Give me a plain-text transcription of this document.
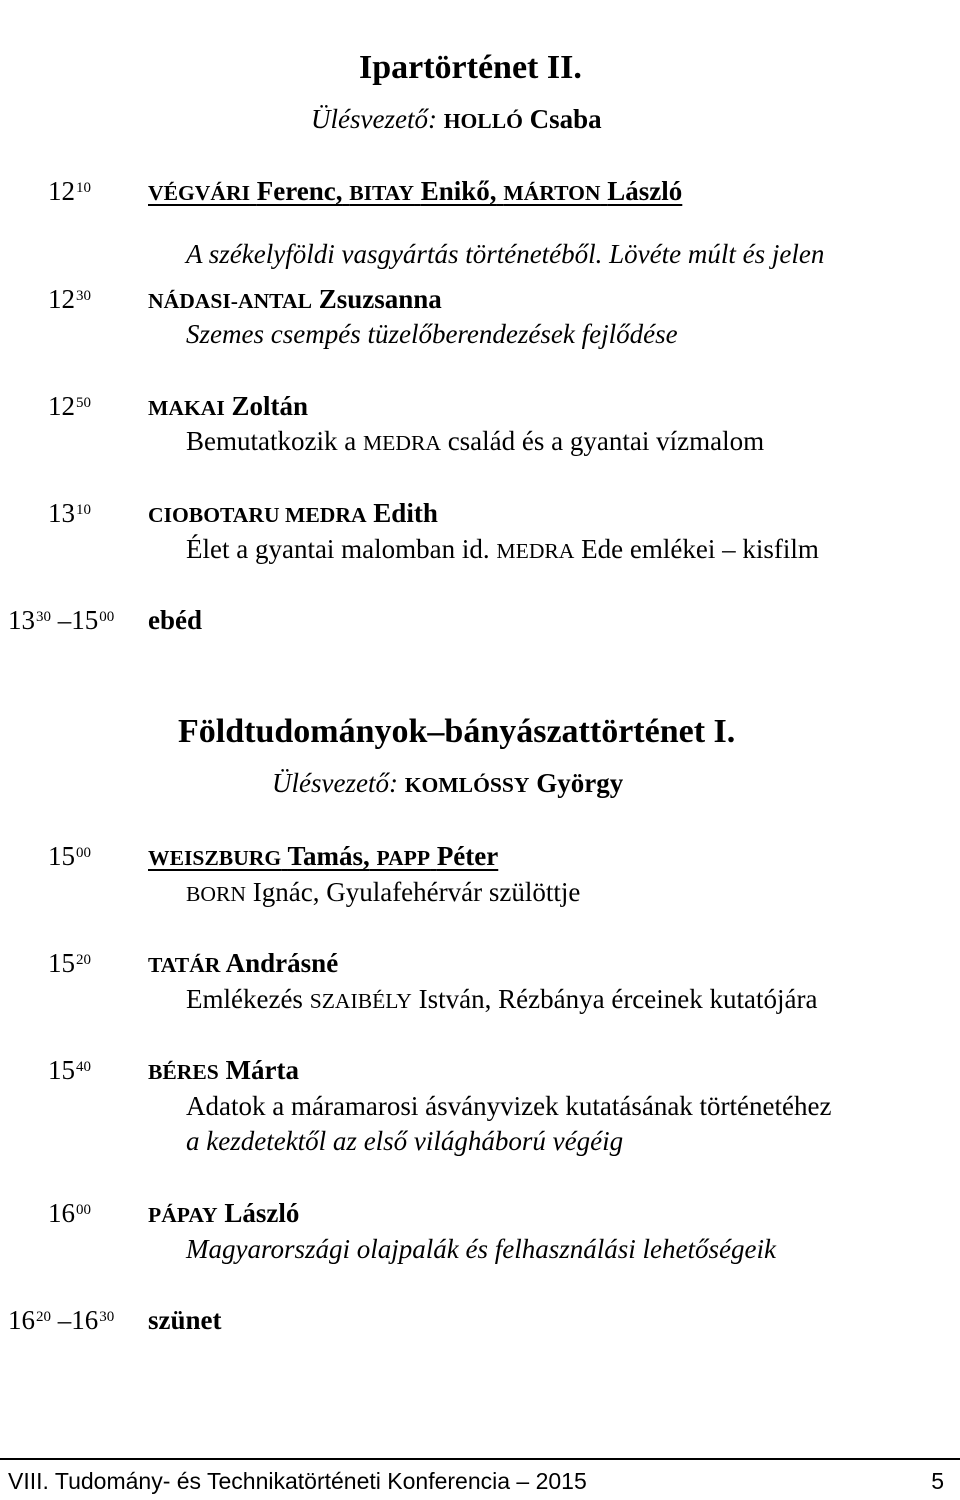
Ipartörténet II.
Ülésvezető: HOLLÓ Csaba
$12^{10}$	VÉGVÁRI Ferenc, BITAY Enikő, MÁRTON László
A székelyföldi vasgyártás történetéből. Lövéte múlt és jelen
$12^{30}$	NÁDASI-ANTAL Zsuzsanna
Szemes csempés tüzelőberendezések fejlődése
$12^{50}$	MAKAI Zoltán
Bemutatkozik a MEDRA család és a gyantai vízmalom
$13^{10}$	CIOBOTARU MEDRA Edith
Élet a gyantai malomban id. MEDRA Ede emlékei – kisfilm
$13^{30}$ $-15^{00}$ ebéd
Földtudományok–bányászattörténet I.
Ülésvezető: KOMLÓSSY György
$15^{00}$	WEISZBURG Tamás, PAPP Péter
BORN Ignác, Gyulafehérvár szülöttje
$15^{20}$	TATÁR Andrásné
Emlékezés SZAIBÉLY István, Rézbánya érceinek kutatójára
$15^{40}$	BÉRES Márta
Adatok a máramarosi ásványvizek kutatásának történetéhez
a kezdetektől az első világháború végéig
$16^{00}$	PÁPAY László
Magyarországi olajpalák és felhasználási lehetőségeik
$16^{20}$ $-16^{30}$ szünet
VIII. Tudomány- és Technikatörténeti Konferencia – 2015	5
